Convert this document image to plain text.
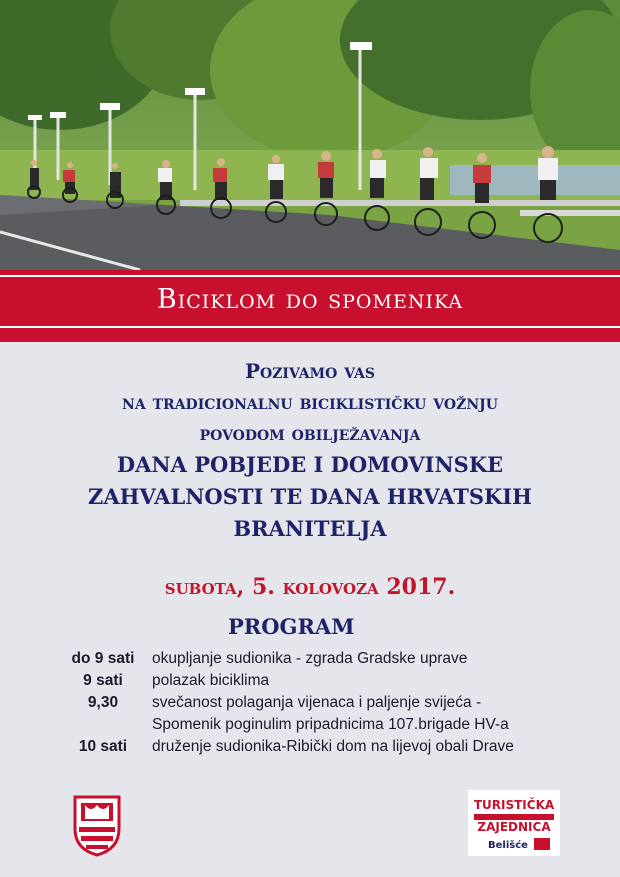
Biciklom do spomenika
Pozivamo vas
na tradicionalnu biciklističku vožnju
povodom obilježavanja
DANA POBJEDE I DOMOVINSKE
ZAHVALNOSTI TE DANA HRVATSKIH
BRANITELJA
subota, 5. kolovoza 2017.
PROGRAM
do 9 sati	okupljanje sudionika - zgrada Gradske uprave
9 sati	polazak biciklima
9,30	svečanost polaganja vijenaca i paljenje svijeća -
Spomenik poginulim pripadnicima 107.brigade HV-a
10 sati	druženje sudionika-Ribički dom na lijevoj obali Drave
TURISTIČKA
ZAJEDNICA
Belišće
